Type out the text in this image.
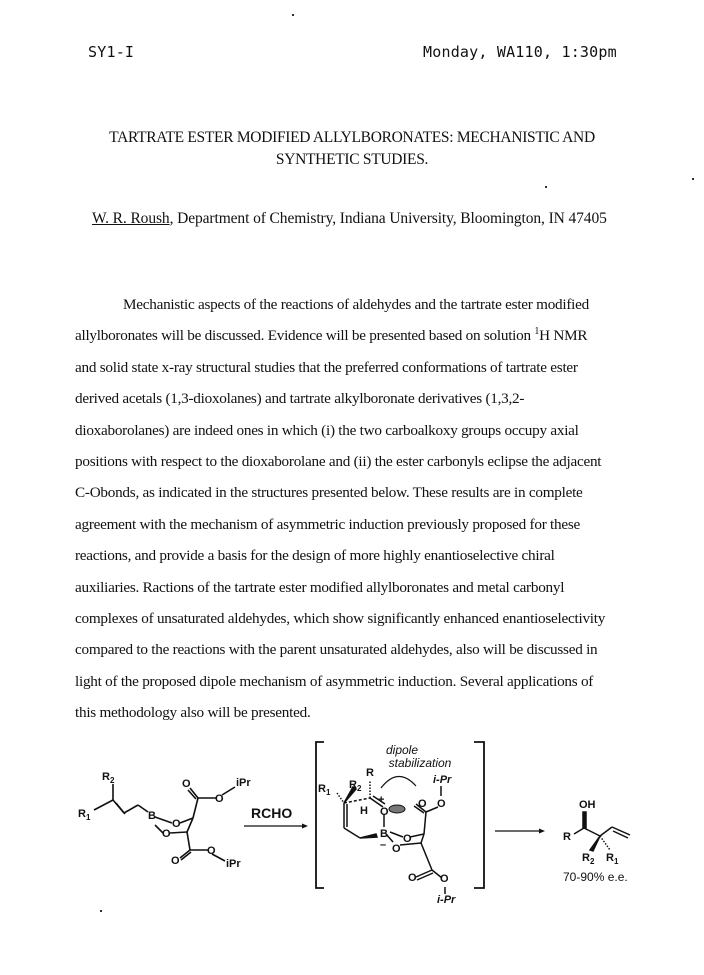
SY1-I	Monday, WA110, 1:30pm
TARTRATE ESTER MODIFIED ALLYLBORONATES: MECHANISTIC AND
SYNTHETIC STUDIES.
W. R. Roush, Department of Chemistry, Indiana University, Bloomington, IN 47405
Mechanistic aspects of the reactions of aldehydes and the tartrate ester modified
allylboronates will be discussed. Evidence will be presented based on solution $^1$H NMR
and solid state x-ray structural studies that the preferred conformations of tartrate ester
derived acetals (1,3-dioxolanes) and tartrate alkylboronate derivatives (1,3,2-
dioxaborolanes) are indeed ones in which (i) the two carboalkoxy groups occupy axial
positions with respect to the dioxaborolane and (ii) the ester carbonyls eclipse the adjacent
C-Obonds, as indicated in the structures presented below. These results are in complete
agreement with the mechanism of asymmetric induction previously proposed for these
reactions, and provide a basis for the design of more highly enantioselective chiral
auxiliaries. Ractions of the tartrate ester modified allylboronates and metal carbonyl
complexes of unsaturated aldehydes, which show significantly enhanced enantioselectivity
compared to the reactions with the parent unsaturated aldehydes, also will be discussed in
light of the proposed dipole mechanism of asymmetric induction. Several applications of
this methodology also will be presented.
$R_2$
$R_1$	B
O
O
O
O
O
O
iPr
iPr
RCHO
dipole
stabilization
$R_1$
$R_2$
R
H
+
O
B
– O
O
O O
i-Pr
O O
i-Pr
OH
R
$R_2$ $R_1$
70-90% e.e.
